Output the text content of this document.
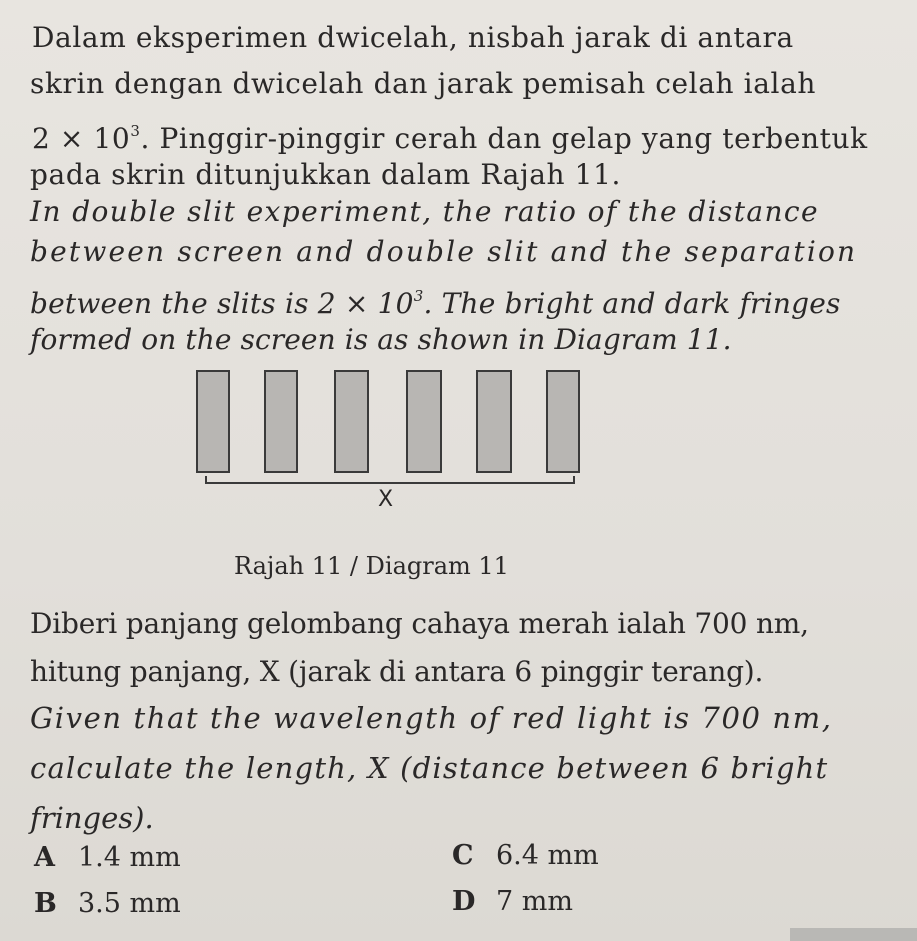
Dalam eksperimen dwicelah, nisbah jarak di antara
skrin dengan dwicelah dan jarak pemisah celah ialah
$2 \times 10^3$. Pinggir-pinggir cerah dan gelap yang terbentuk
pada skrin ditunjukkan dalam Rajah 11.
In double slit experiment, the ratio of the distance
between screen and double slit and the separation
between the slits is $2 \times 10^3$. The bright and dark fringes
formed on the screen is as shown in Diagram 11.
X
Rajah 11 / Diagram 11
Diberi panjang gelombang cahaya merah ialah 700 nm,
hitung panjang, X (jarak di antara 6 pinggir terang).
Given that the wavelength of red light is 700 nm,
calculate the length, X (distance between 6 bright
fringes).
A 1.4 mm
B 3.5 mm
C 6.4 mm
D 7 mm
